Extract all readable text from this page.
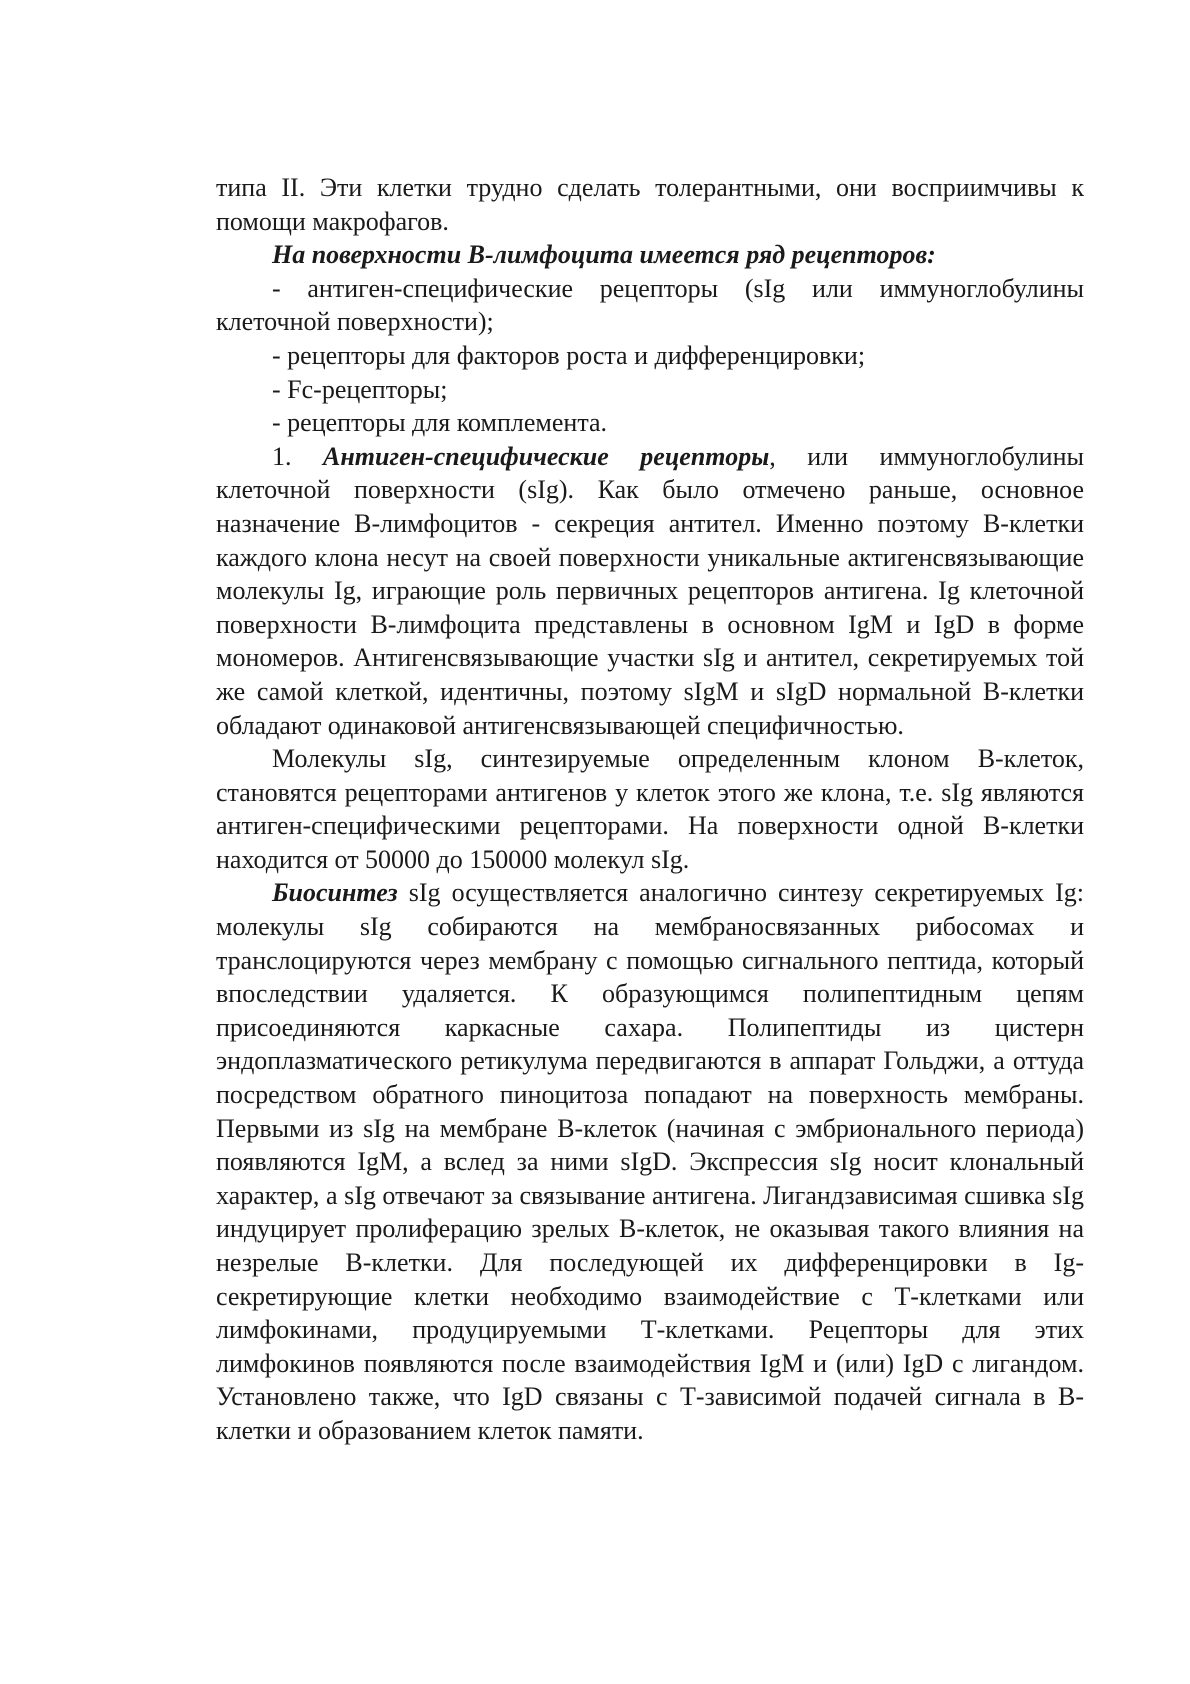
типа II. Эти клетки трудно сделать толерантными, они восприимчивы к помощи макрофагов.

На поверхности В-лимфоцита имеется ряд рецепторов:

- антиген-специфические рецепторы (sIg или иммуноглобулины клеточной поверхности);

- рецепторы для факторов роста и дифференцировки;

- Fc-рецепторы;

- рецепторы для комплемента.

1. Антиген-специфические рецепторы, или иммуноглобулины клеточной поверхности (sIg). Как было отмечено раньше, основное назначение В-лимфоцитов - секреция антител. Именно поэтому В-клетки каждого клона несут на своей поверхности уникальные актигенсвязывающие молекулы Ig, играющие роль первичных рецепторов антигена. Ig клеточной поверхности В-лимфоцита представлены в основном IgM и IgD в форме мономеров. Антигенсвязывающие участки sIg и антител, секретируемых той же самой клеткой, идентичны, поэтому sIgM и sIgD нормальной В-клетки обладают одинаковой антигенсвязывающей специфичностью.

Молекулы sIg, синтезируемые определенным клоном В-клеток, становятся рецепторами антигенов у клеток этого же клона, т.е. sIg являются антиген-специфическими рецепторами. На поверхности одной В-клетки находится от 50000 до 150000 молекул sIg.

Биосинтез sIg осуществляется аналогично синтезу секретируемых Ig: молекулы sIg собираются на мембраносвязанных рибосомах и транслоцируются через мембрану с помощью сигнального пептида, который впоследствии удаляется. К образующимся полипептидным цепям присоединяются каркасные сахара. Полипептиды из цистерн эндоплазматического ретикулума передвигаются в аппарат Гольджи, а оттуда посредством обратного пиноцитоза попадают на поверхность мембраны. Первыми из sIg на мембране В-клеток (начиная с эмбрионального периода) появляются IgM, а вслед за ними sIgD. Экспрессия sIg носит клональный характер, а sIg отвечают за связывание антигена. Лигандзависимая сшивка sIg индуцирует пролиферацию зрелых В-клеток, не оказывая такого влияния на незрелые В-клетки. Для последующей их дифференцировки в Ig-секретирующие клетки необходимо взаимодействие с Т-клетками или лимфокинами, продуцируемыми Т-клетками. Рецепторы для этих лимфокинов появляются после взаимодействия IgM и (или) IgD с лигандом. Установлено также, что IgD связаны с Т-зависимой подачей сигнала в В-клетки и образованием клеток памяти.
